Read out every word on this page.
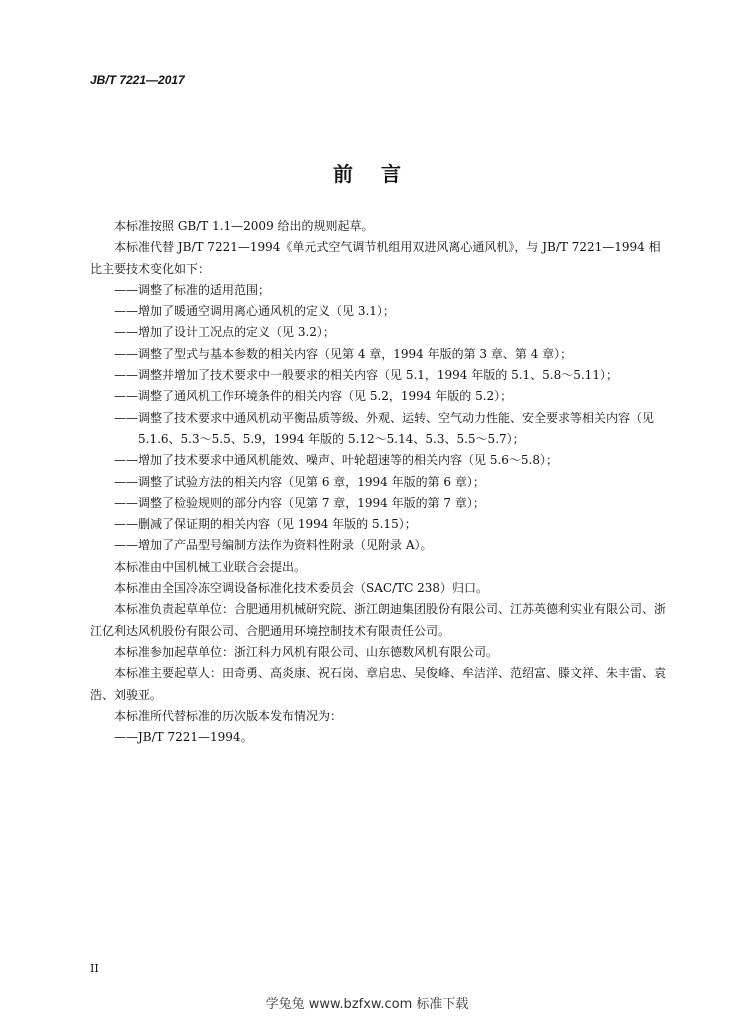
JB/T 7221—2017
前言

本标准按照 GB/T 1.1—2009 给出的规则起草。

本标准代替 JB/T 7221—1994《单元式空气调节机组用双进风离心通风机》，与 JB/T 7221—1994 相比主要技术变化如下：

——调整了标准的适用范围；

——增加了暖通空调用离心通风机的定义（见 3.1）；

——增加了设计工况点的定义（见 3.2）；

——调整了型式与基本参数的相关内容（见第 4 章，1994 年版的第 3 章、第 4 章）；

——调整并增加了技术要求中一般要求的相关内容（见 5.1，1994 年版的 5.1、5.8～5.11）；

——调整了通风机工作环境条件的相关内容（见 5.2，1994 年版的 5.2）；

——调整了技术要求中通风机动平衡品质等级、外观、运转、空气动力性能、安全要求等相关内容（见 5.1.6、5.3～5.5、5.9，1994 年版的 5.12～5.14、5.3、5.5～5.7）；

——增加了技术要求中通风机能效、噪声、叶轮超速等的相关内容（见 5.6～5.8）；

——调整了试验方法的相关内容（见第 6 章，1994 年版的第 6 章）；

——调整了检验规则的部分内容（见第 7 章，1994 年版的第 7 章）；

——删减了保证期的相关内容（见 1994 年版的 5.15）；

——增加了产品型号编制方法作为资料性附录（见附录 A）。

本标准由中国机械工业联合会提出。

本标准由全国冷冻空调设备标准化技术委员会（SAC/TC 238）归口。

本标准负责起草单位：合肥通用机械研究院、浙江朗迪集团股份有限公司、江苏英德利实业有限公司、浙江亿利达风机股份有限公司、合肥通用环境控制技术有限责任公司。

本标准参加起草单位：浙江科力风机有限公司、山东德数风机有限公司。

本标准主要起草人：田奇勇、高炎康、祝石岗、章启忠、吴俊峰、牟洁洋、范绍富、滕文祥、朱丰雷、袁浩、刘骏亚。

本标准所代替标准的历次版本发布情况为：

——JB/T 7221—1994。

II
学兔兔 www.bzfxw.com 标准下载
